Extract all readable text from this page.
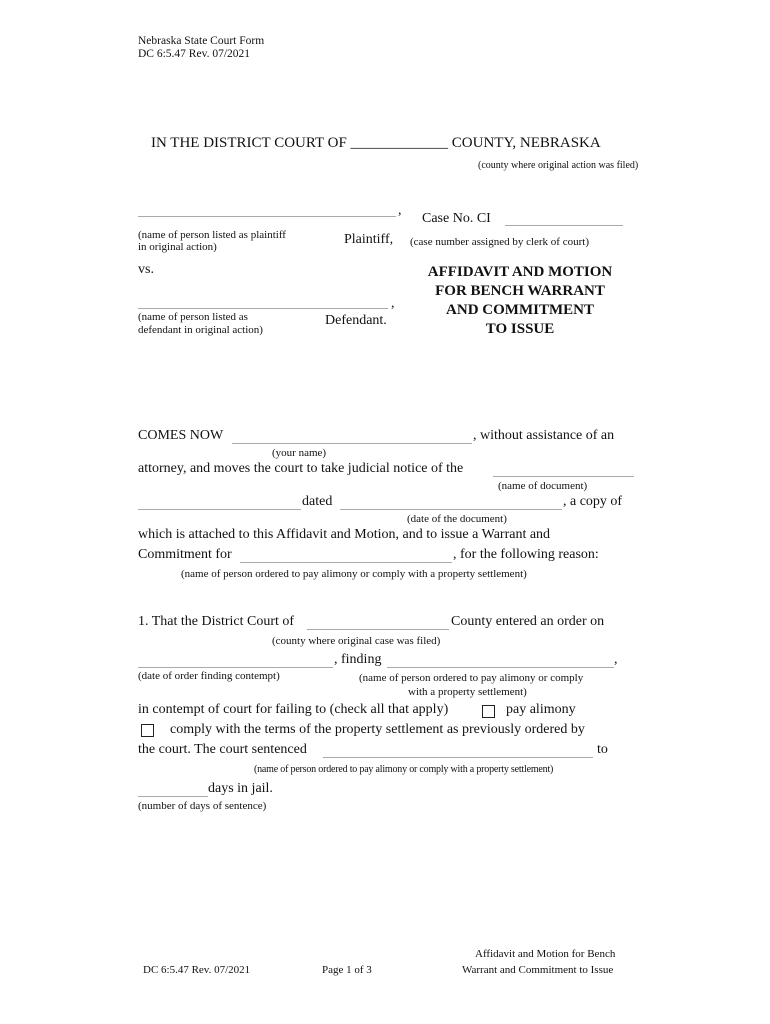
Nebraska State Court Form
DC 6:5.47 Rev. 07/2021
IN THE DISTRICT COURT OF _____________ COUNTY, NEBRASKA
(county where original action was filed)
,
(name of person listed as plaintiff
in original action)	Plaintiff,
Case No. CI
(case number assigned by clerk of court)
vs.	AFFIDAVIT AND MOTION
FOR BENCH WARRANT
AND COMMITMENT
TO ISSUE
,
(name of person listed as
defendant in original action)
Defendant.
COMES NOW	, without assistance of an
(your name)
attorney, and moves the court to take judicial notice of the
(name of document)
dated	, a copy of
(date of the document)
which is attached to this Affidavit and Motion, and to issue a Warrant and
Commitment for	, for the following reason:
(name of person ordered to pay alimony or comply with a property settlement)
1. That the District Court of	County entered an order on
(county where original case was filed)
, finding	,
(date of order finding contempt)	(name of person ordered to pay alimony or comply
with a property settlement)
in contempt of court for failing to (check all that apply)	pay alimony
comply with the terms of the property settlement as previously ordered by
the court. The court sentenced	to
(name of person ordered to pay alimony or comply with a property settlement)
days in jail.
(number of days of sentence)
DC 6:5.47 Rev. 07/2021	Page 1 of 3
Affidavit and Motion for Bench
Warrant and Commitment to Issue
